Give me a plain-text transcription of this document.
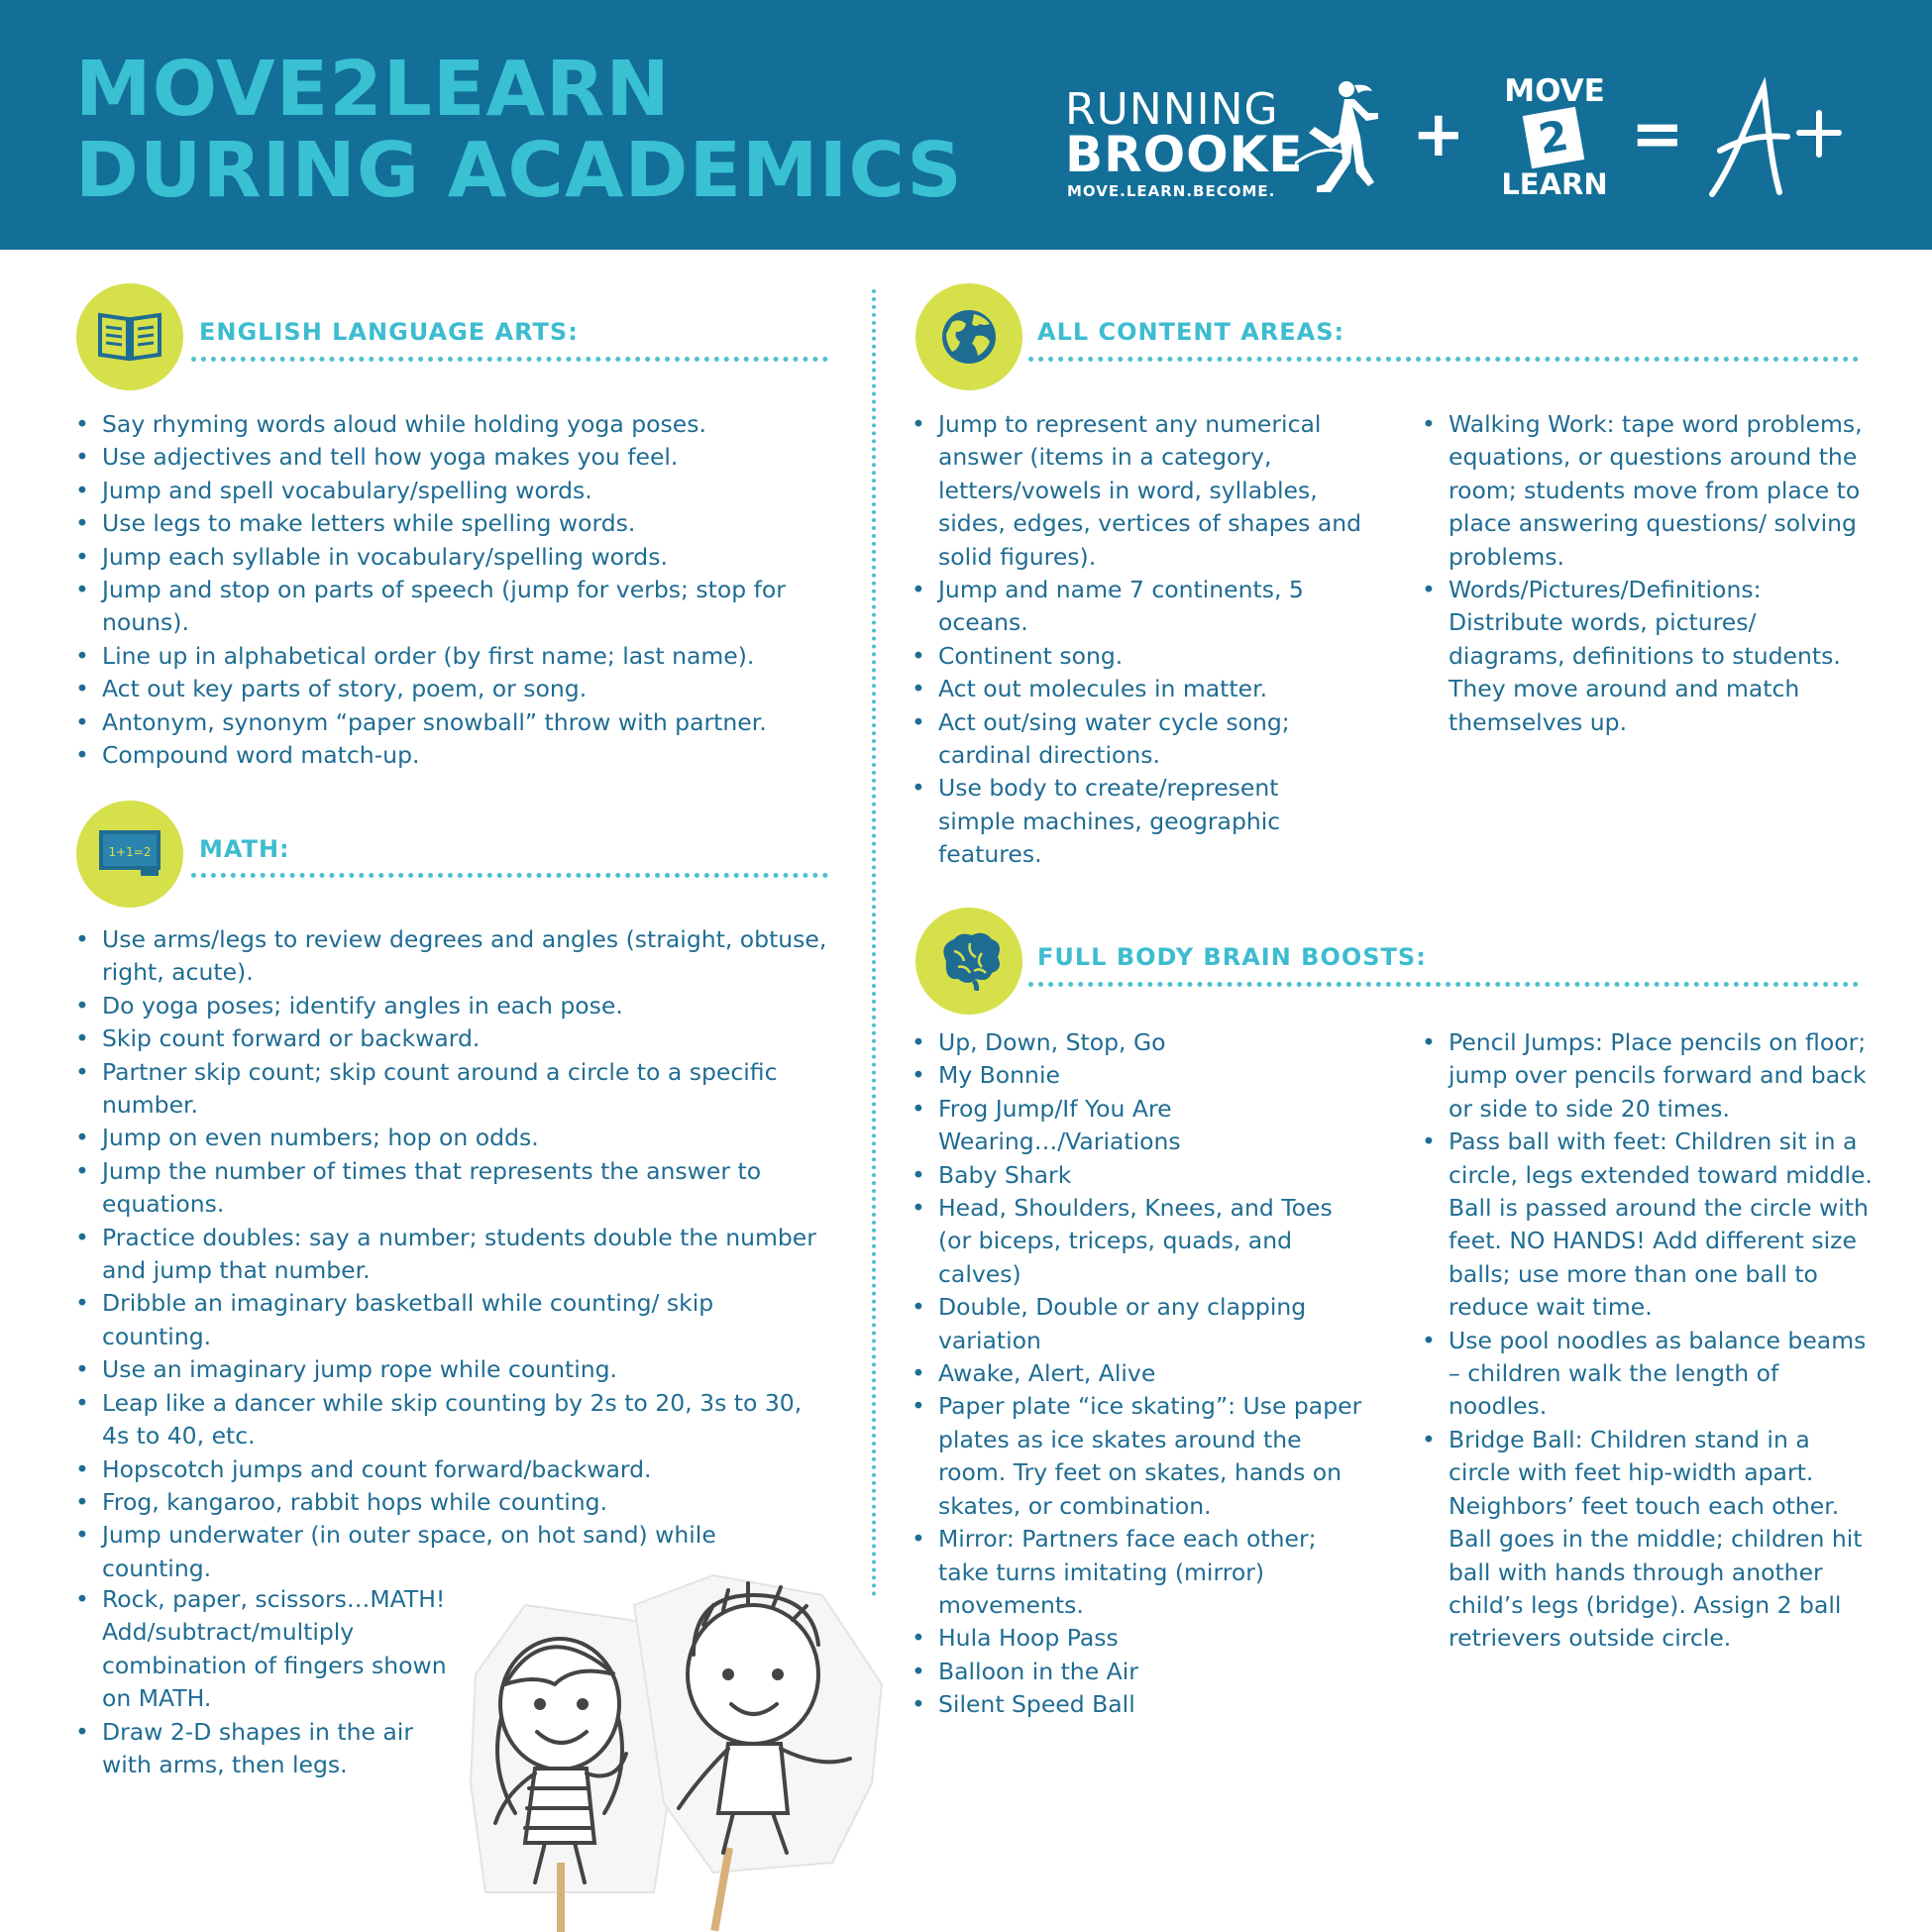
MOVE2LEARN
DURING ACADEMICS
RUNNING
BROOKE
MOVE.LEARN.BECOME.
+
MOVE
2
LEARN
=
ENGLISH LANGUAGE ARTS:
• Say rhyming words aloud while holding yoga poses.
• Use adjectives and tell how yoga makes you feel.
• Jump and spell vocabulary/spelling words.
• Use legs to make letters while spelling words.
• Jump each syllable in vocabulary/spelling words.
• Jump and stop on parts of speech (jump for verbs; stop for nouns).
• Line up in alphabetical order (by first name; last name).
• Act out key parts of story, poem, or song.
• Antonym, synonym “paper snowball” throw with partner.
• Compound word match-up.
1+1=2 MATH:
• Use arms/legs to review degrees and angles (straight, obtuse, right, acute).
• Do yoga poses; identify angles in each pose.
• Skip count forward or backward.
• Partner skip count; skip count around a circle to a specific number.
• Jump on even numbers; hop on odds.
• Jump the number of times that represents the answer to equations.
• Practice doubles: say a number; students double the number and jump that number.
• Dribble an imaginary basketball while counting/ skip counting.
• Use an imaginary jump rope while counting.
• Leap like a dancer while skip counting by 2s to 20, 3s to 30, 4s to 40, etc.
• Hopscotch jumps and count forward/backward.
• Frog, kangaroo, rabbit hops while counting.
• Jump underwater (in outer space, on hot sand) while counting.
• Rock, paper, scissors…MATH! Add/subtract/multiply combination of fingers shown on MATH.
• Draw 2-D shapes in the air with arms, then legs.
ALL CONTENT AREAS:
• Jump to represent any numerical answer (items in a category, letters/vowels in word, syllables, sides, edges, vertices of shapes and solid figures).
• Jump and name 7 continents, 5 oceans.
• Continent song.
• Act out molecules in matter.
• Act out/sing water cycle song; cardinal directions.
• Use body to create/represent simple machines, geographic features.
• Walking Work: tape word problems, equations, or questions around the room; students move from place to place answering questions/ solving problems.
• Words/Pictures/Definitions: Distribute words, pictures/ diagrams, definitions to students. They move around and match themselves up.
FULL BODY BRAIN BOOSTS:
• Up, Down, Stop, Go
• My Bonnie
• Frog Jump/If You Are Wearing…/Variations
• Baby Shark
• Head, Shoulders, Knees, and Toes (or biceps, triceps, quads, and calves)
• Double, Double or any clapping variation
• Awake, Alert, Alive
• Paper plate “ice skating”: Use paper plates as ice skates around the room. Try feet on skates, hands on skates, or combination.
• Mirror: Partners face each other; take turns imitating (mirror) movements.
• Hula Hoop Pass
• Balloon in the Air
• Silent Speed Ball
• Pencil Jumps: Place pencils on floor; jump over pencils forward and back or side to side 20 times.
• Pass ball with feet: Children sit in a circle, legs extended toward middle. Ball is passed around the circle with feet. NO HANDS! Add different size balls; use more than one ball to reduce wait time.
• Use pool noodles as balance beams – children walk the length of noodles.
• Bridge Ball: Children stand in a circle with feet hip-width apart. Neighbors’ feet touch each other. Ball goes in the middle; children hit ball with hands through another child’s legs (bridge). Assign 2 ball retrievers outside circle.
